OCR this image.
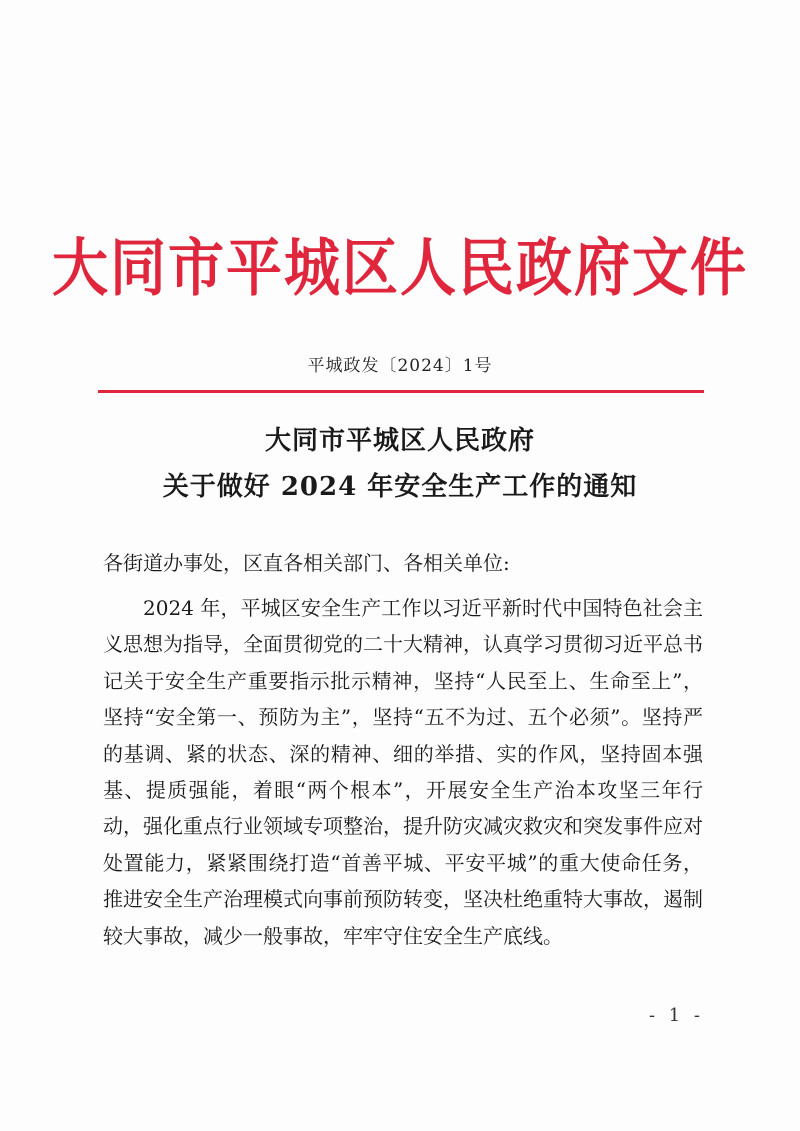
大同市平城区人民政府文件
平城政发〔2024〕1号
大同市平城区人民政府
关于做好 2024 年安全生产工作的通知
各街道办事处，区直各相关部门、各相关单位:

2024 年，平城区安全生产工作以习近平新时代中国特色社会主义思想为指导，全面贯彻党的二十大精神，认真学习贯彻习近平总书记关于安全生产重要指示批示精神，坚持“人民至上、生命至上”，坚持“安全第一、预防为主”，坚持“五不为过、五个必须”。坚持严的基调、紧的状态、深的精神、细的举措、实的作风，坚持固本强基、提质强能，着眼“两个根本”，开展安全生产治本攻坚三年行动，强化重点行业领域专项整治，提升防灾减灾救灾和突发事件应对处置能力，紧紧围绕打造“首善平城、平安平城”的重大使命任务，推进安全生产治理模式向事前预防转变，坚决杜绝重特大事故，遏制较大事故，减少一般事故，牢牢守住安全生产底线。

- 1 -
